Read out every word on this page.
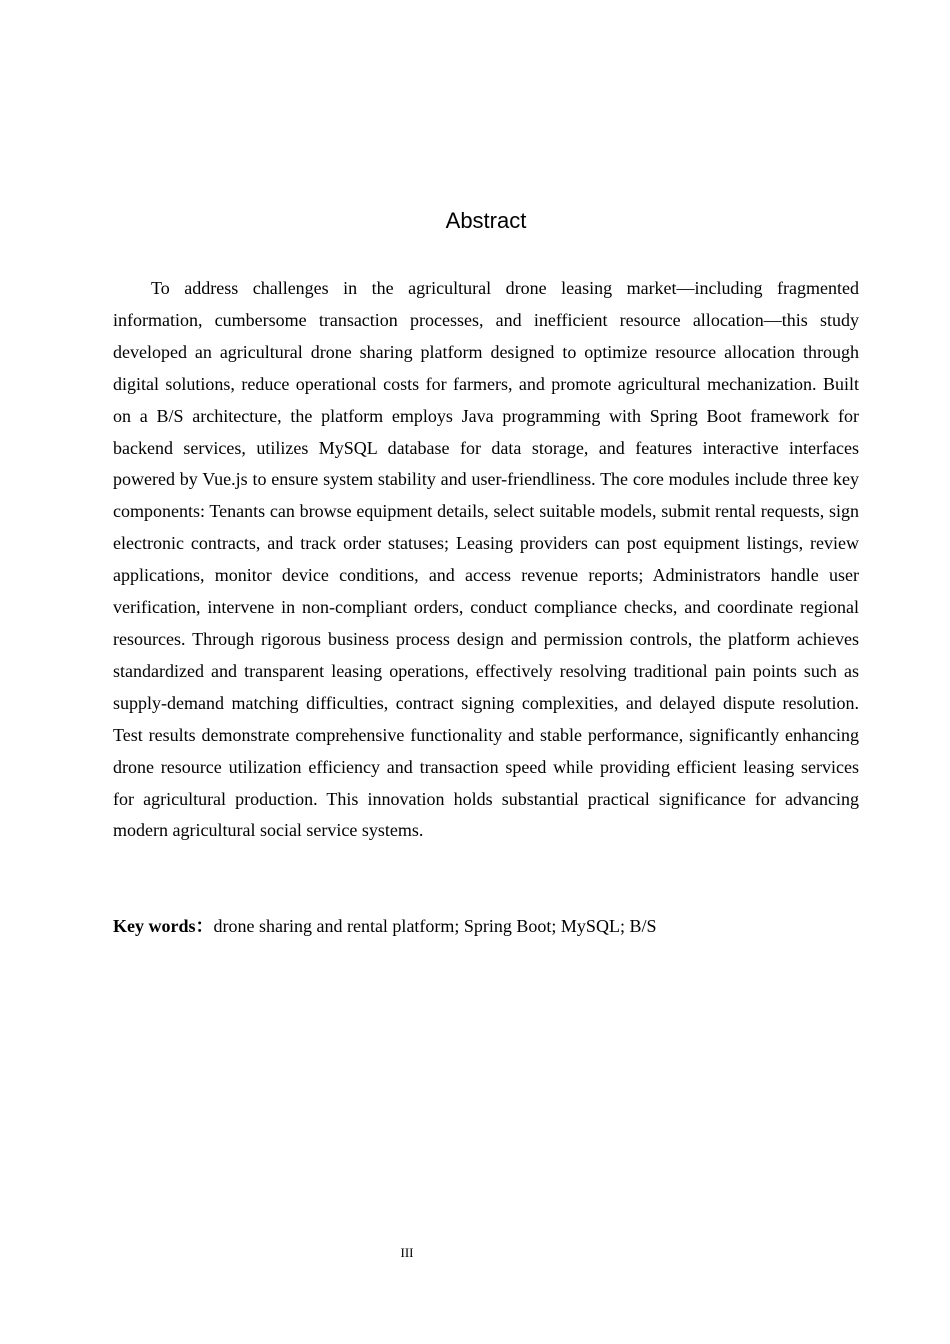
Abstract

To address challenges in the agricultural drone leasing market—including fragmented information, cumbersome transaction processes, and inefficient resource allocation—this study developed an agricultural drone sharing platform designed to optimize resource allocation through digital solutions, reduce operational costs for farmers, and promote agricultural mechanization. Built on a B/S architecture, the platform employs Java programming with Spring Boot framework for backend services, utilizes MySQL database for data storage, and features interactive interfaces powered by Vue.js to ensure system stability and user-friendliness. The core modules include three key components: Tenants can browse equipment details, select suitable models, submit rental requests, sign electronic contracts, and track order statuses; Leasing providers can post equipment listings, review applications, monitor device conditions, and access revenue reports; Administrators handle user verification, intervene in non-compliant orders, conduct compliance checks, and coordinate regional resources. Through rigorous business process design and permission controls, the platform achieves standardized and transparent leasing operations, effectively resolving traditional pain points such as supply-demand matching difficulties, contract signing complexities, and delayed dispute resolution. Test results demonstrate comprehensive functionality and stable performance, significantly enhancing drone resource utilization efficiency and transaction speed while providing efficient leasing services for agricultural production. This innovation holds substantial practical significance for advancing modern agricultural social service systems.

Key words：drone sharing and rental platform; Spring Boot; MySQL; B/S

III
